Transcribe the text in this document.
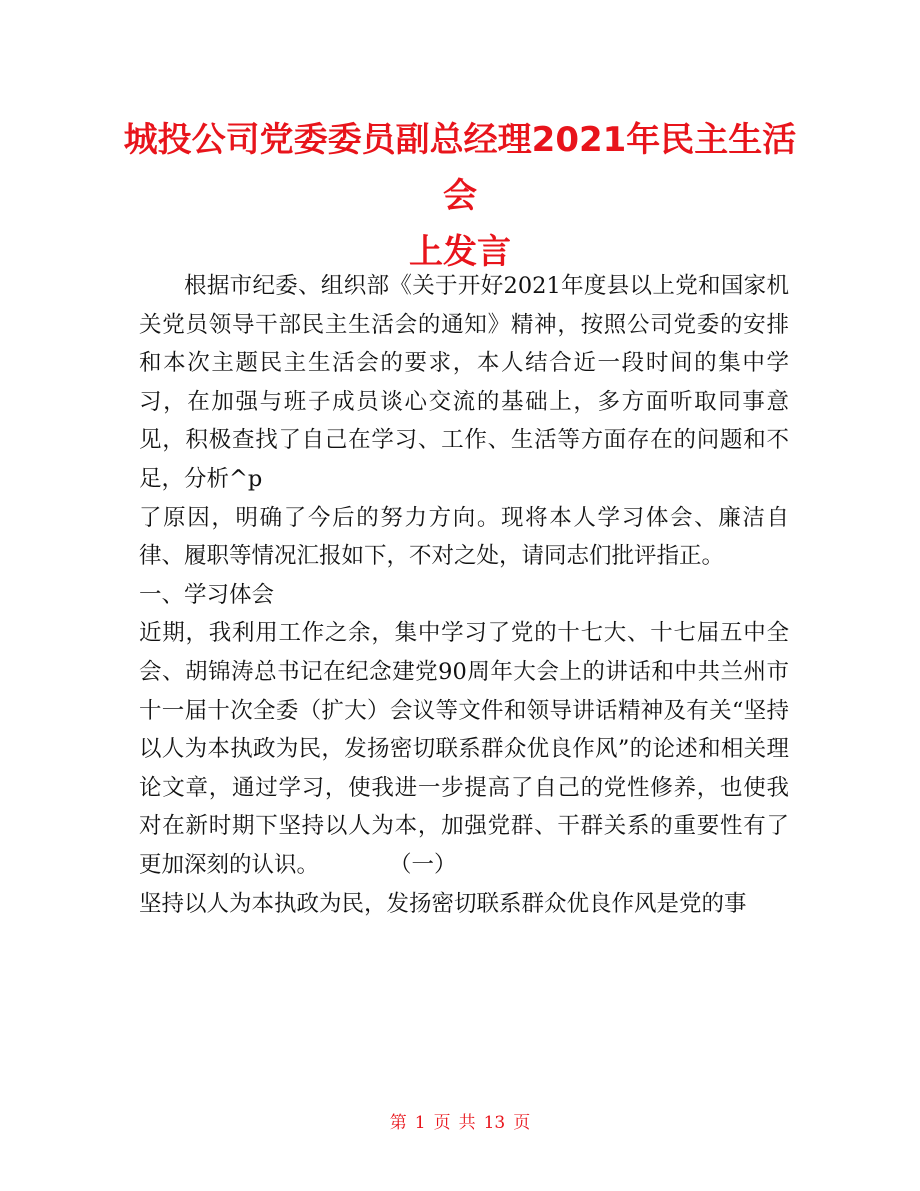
城投公司党委委员副总经理2021年民主生活会
上发言

根据市纪委、组织部《关于开好2021年度县以上党和国家机关党员领导干部民主生活会的通知》精神，按照公司党委的安排和本次主题民主生活会的要求，本人结合近一段时间的集中学习，在加强与班子成员谈心交流的基础上，多方面听取同事意见，积极查找了自己在学习、工作、生活等方面存在的问题和不足，分析^p

了原因，明确了今后的努力方向。现将本人学习体会、廉洁自律、履职等情况汇报如下，不对之处，请同志们批评指正。

一、学习体会

近期，我利用工作之余，集中学习了党的十七大、十七届五中全会、胡锦涛总书记在纪念建党90周年大会上的讲话和中共兰州市十一届十次全委（扩大）会议等文件和领导讲话精神及有关“坚持以人为本执政为民，发扬密切联系群众优良作风”的论述和相关理论文章，通过学习，使我进一步提高了自己的党性修养，也使我对在新时期下坚持以人为本，加强党群、干群关系的重要性有了更加深刻的认识。	（一）

坚持以人为本执政为民，发扬密切联系群众优良作风是党的事

第 1 页 共 13 页
